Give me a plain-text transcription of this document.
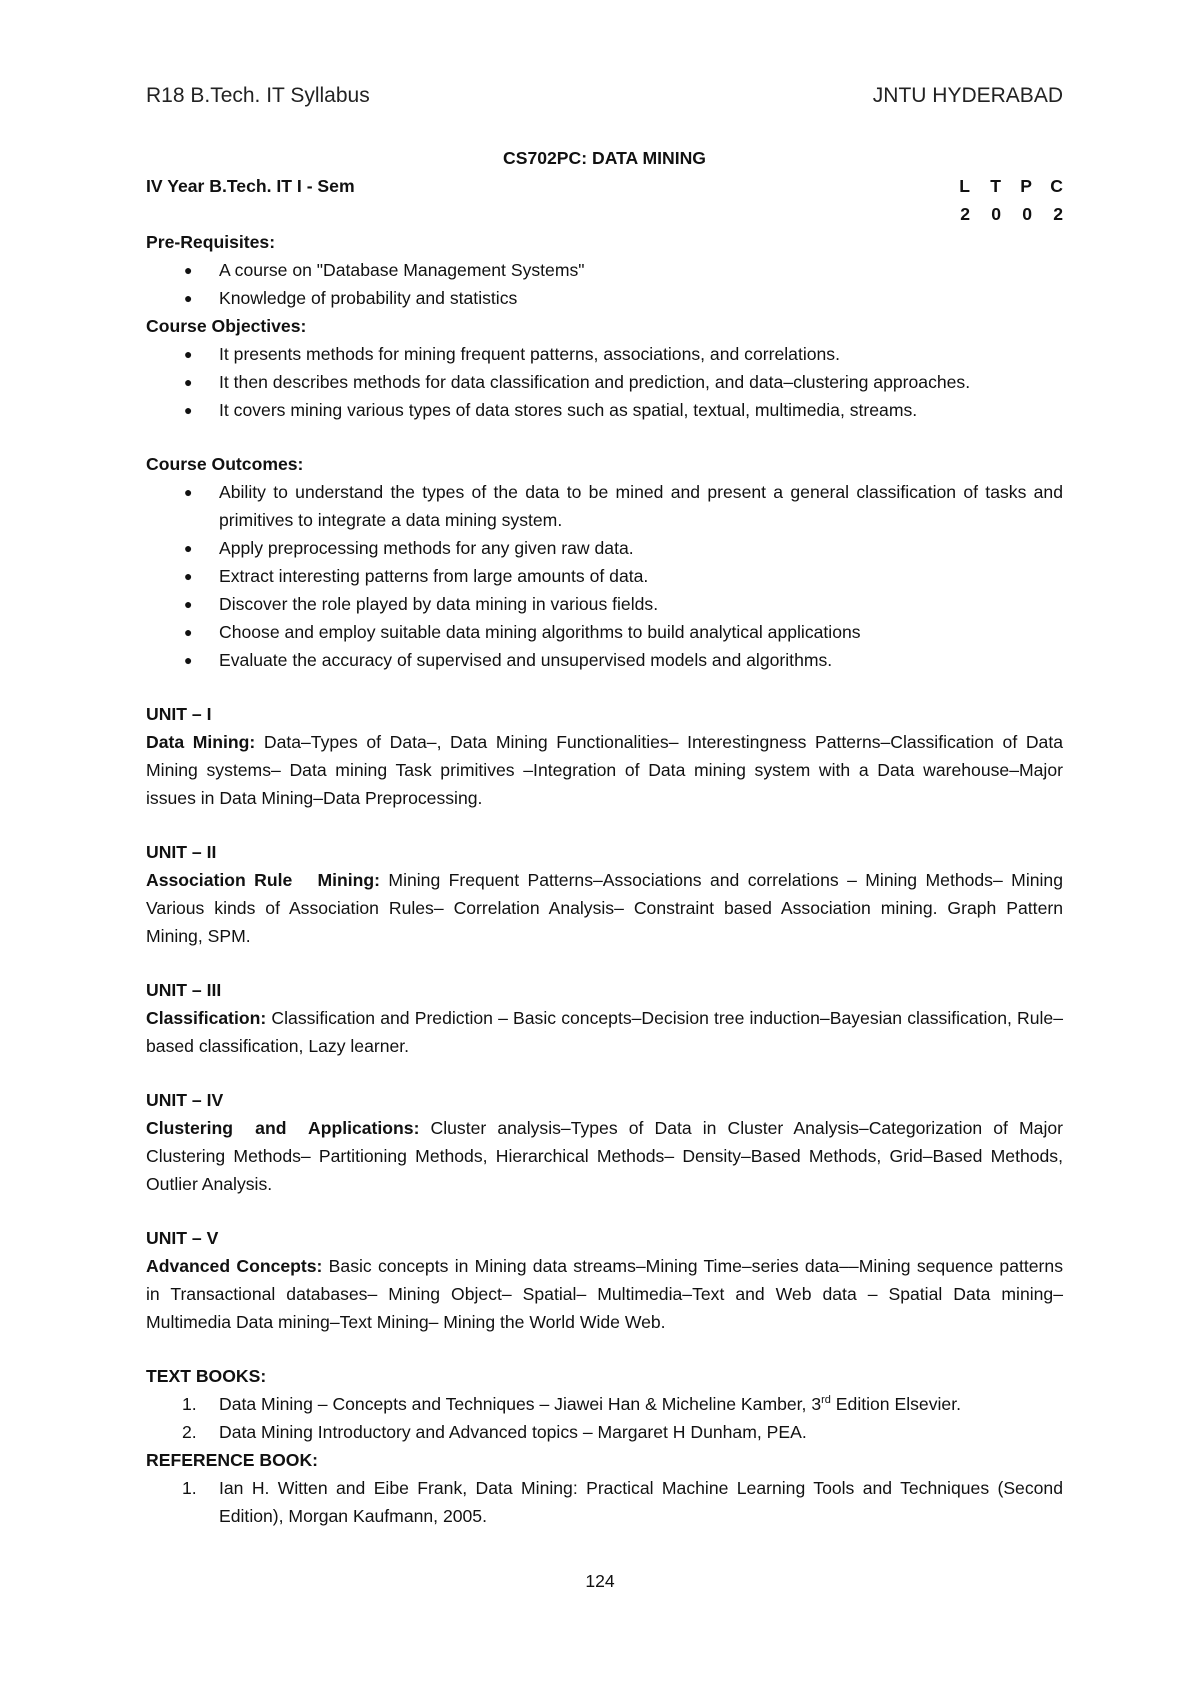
R18 B.Tech. IT Syllabus	JNTU HYDERABAD
CS702PC: DATA MINING
IV Year B.Tech. IT I - Sem	L	T	P	C
2	0	0	2
Pre-Requisites:
● A course on "Database Management Systems"
● Knowledge of probability and statistics
Course Objectives:
● It presents methods for mining frequent patterns, associations, and correlations.
● It then describes methods for data classification and prediction, and data–clustering approaches.
● It covers mining various types of data stores such as spatial, textual, multimedia, streams.
Course Outcomes:
● Ability to understand the types of the data to be mined and present a general classification of tasks and primitives to integrate a data mining system.
● Apply preprocessing methods for any given raw data.
● Extract interesting patterns from large amounts of data.
● Discover the role played by data mining in various fields.
● Choose and employ suitable data mining algorithms to build analytical applications
● Evaluate the accuracy of supervised and unsupervised models and algorithms.
UNIT – I
Data Mining: Data–Types of Data–, Data Mining Functionalities– Interestingness Patterns–Classification of Data Mining systems– Data mining Task primitives –Integration of Data mining system with a Data warehouse–Major issues in Data Mining–Data Preprocessing.
UNIT – II
Association Rule   Mining: Mining Frequent Patterns–Associations and correlations – Mining Methods– Mining Various kinds of Association Rules– Correlation Analysis– Constraint based Association mining. Graph Pattern Mining, SPM.
UNIT – III
Classification: Classification and Prediction – Basic concepts–Decision tree induction–Bayesian classification, Rule–based classification, Lazy learner.
UNIT – IV
Clustering  and  Applications: Cluster analysis–Types of Data in Cluster Analysis–Categorization of Major Clustering Methods– Partitioning Methods, Hierarchical Methods– Density–Based Methods, Grid–Based Methods, Outlier Analysis.
UNIT – V
Advanced Concepts: Basic concepts in Mining data streams–Mining Time–series data––Mining sequence patterns in Transactional databases– Mining Object– Spatial– Multimedia–Text and Web data – Spatial Data mining– Multimedia Data mining–Text Mining– Mining the World Wide Web.
TEXT BOOKS:
1. Data Mining – Concepts and Techniques – Jiawei Han & Micheline Kamber, 3rd Edition Elsevier.
2. Data Mining Introductory and Advanced topics – Margaret H Dunham, PEA.
REFERENCE BOOK:
1. Ian H. Witten and Eibe Frank, Data Mining: Practical Machine Learning Tools and Techniques (Second Edition), Morgan Kaufmann, 2005.
124
